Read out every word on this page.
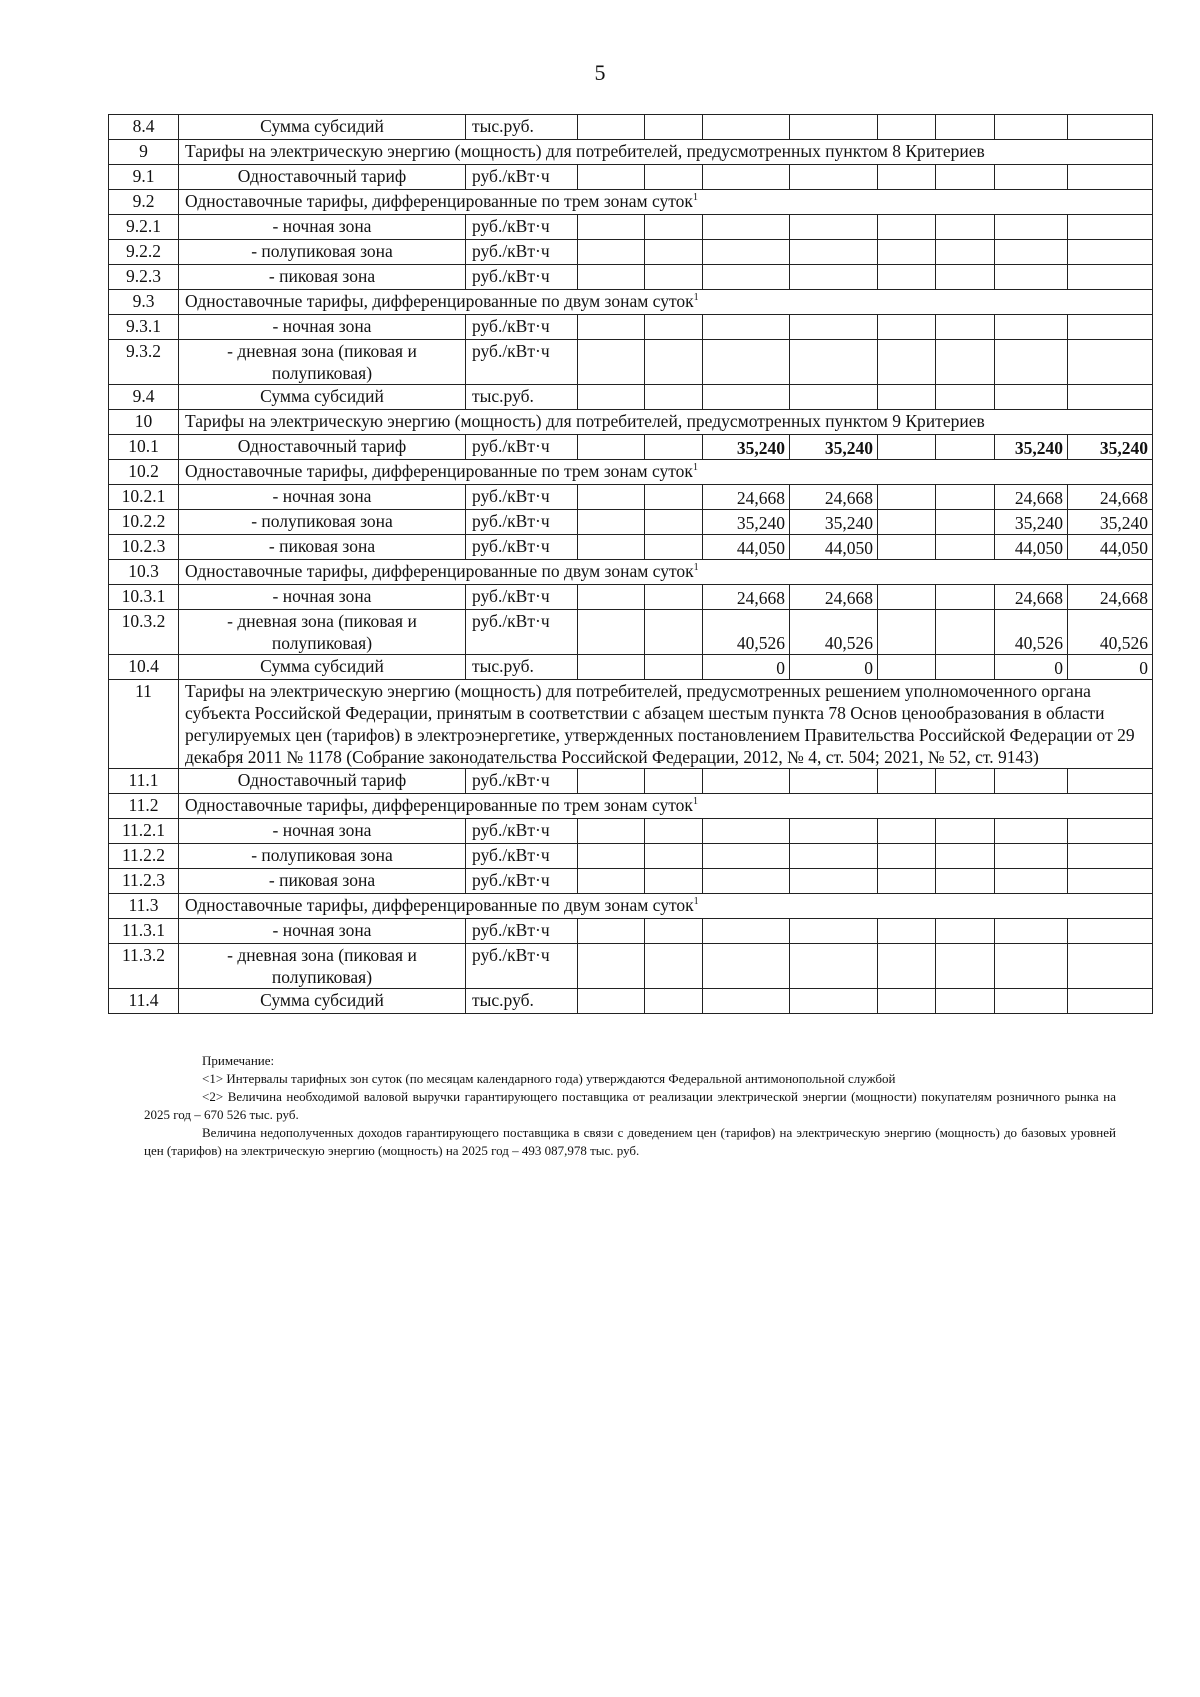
5
8.4	Сумма субсидий	тыс.руб.								
9	Тарифы на электрическую энергию (мощность) для потребителей, предусмотренных пунктом 8 Критериев									
9.1	Одноставочный тариф	руб./кВт·ч								
9.2	Одноставочные тарифы, дифференцированные по трем зонам суток$^1$
9.2.1	- ночная зона	руб./кВт·ч								
9.2.2	- полупиковая зона	руб./кВт·ч								
9.2.3	- пиковая зона	руб./кВт·ч								
9.3	Одноставочные тарифы, дифференцированные по двум зонам суток$^1$
9.3.1	- ночная зона	руб./кВт·ч								
9.3.2	- дневная зона (пиковая и полупиковая)	руб./кВт·ч								
9.4	Сумма субсидий	тыс.руб.								
10	Тарифы на электрическую энергию (мощность) для потребителей, предусмотренных пунктом 9 Критериев									
10.1	Одноставочный тариф	руб./кВт·ч			35,240	35,240			35,240	35,240
10.2	Одноставочные тарифы, дифференцированные по трем зонам суток$^1$
10.2.1	- ночная зона	руб./кВт·ч			24,668	24,668			24,668	24,668
10.2.2	- полупиковая зона	руб./кВт·ч			35,240	35,240			35,240	35,240
10.2.3	- пиковая зона	руб./кВт·ч			44,050	44,050			44,050	44,050
10.3	Одноставочные тарифы, дифференцированные по двум зонам суток$^1$
10.3.1	- ночная зона	руб./кВт·ч			24,668	24,668			24,668	24,668
10.3.2	- дневная зона (пиковая и полупиковая)	руб./кВт·ч			40,526	40,526			40,526	40,526
10.4	Сумма субсидий	тыс.руб.			0	0			0	0
11	Тарифы на электрическую энергию (мощность) для потребителей, предусмотренных решением уполномоченного органа субъекта Российской Федерации, принятым в соответствии с абзацем шестым пункта 78 Основ ценообразования в области регулируемых цен (тарифов) в электроэнергетике, утвержденных постановлением Правительства Российской Федерации от 29 декабря 2011 № 1178 (Собрание законодательства Российской Федерации, 2012, № 4, ст. 504; 2021, № 52, ст. 9143)									
11.1	Одноставочный тариф	руб./кВт·ч								
11.2	Одноставочные тарифы, дифференцированные по трем зонам суток$^1$
11.2.1	- ночная зона	руб./кВт·ч								
11.2.2	- полупиковая зона	руб./кВт·ч								
11.2.3	- пиковая зона	руб./кВт·ч								
11.3	Одноставочные тарифы, дифференцированные по двум зонам суток$^1$
11.3.1	- ночная зона	руб./кВт·ч								
11.3.2	- дневная зона (пиковая и полупиковая)	руб./кВт·ч								
11.4	Сумма субсидий	тыс.руб.								

Примечание:

<1> Интервалы тарифных зон суток (по месяцам календарного года) утверждаются Федеральной антимонопольной службой

<2> Величина необходимой валовой выручки гарантирующего поставщика от реализации электрической энергии (мощности) покупателям розничного рынка на 2025 год – 670 526 тыс. руб.

Величина недополученных доходов гарантирующего поставщика в связи с доведением цен (тарифов) на электрическую энергию (мощность) до базовых уровней цен (тарифов) на электрическую энергию (мощность) на 2025 год – 493 087,978 тыс. руб.
